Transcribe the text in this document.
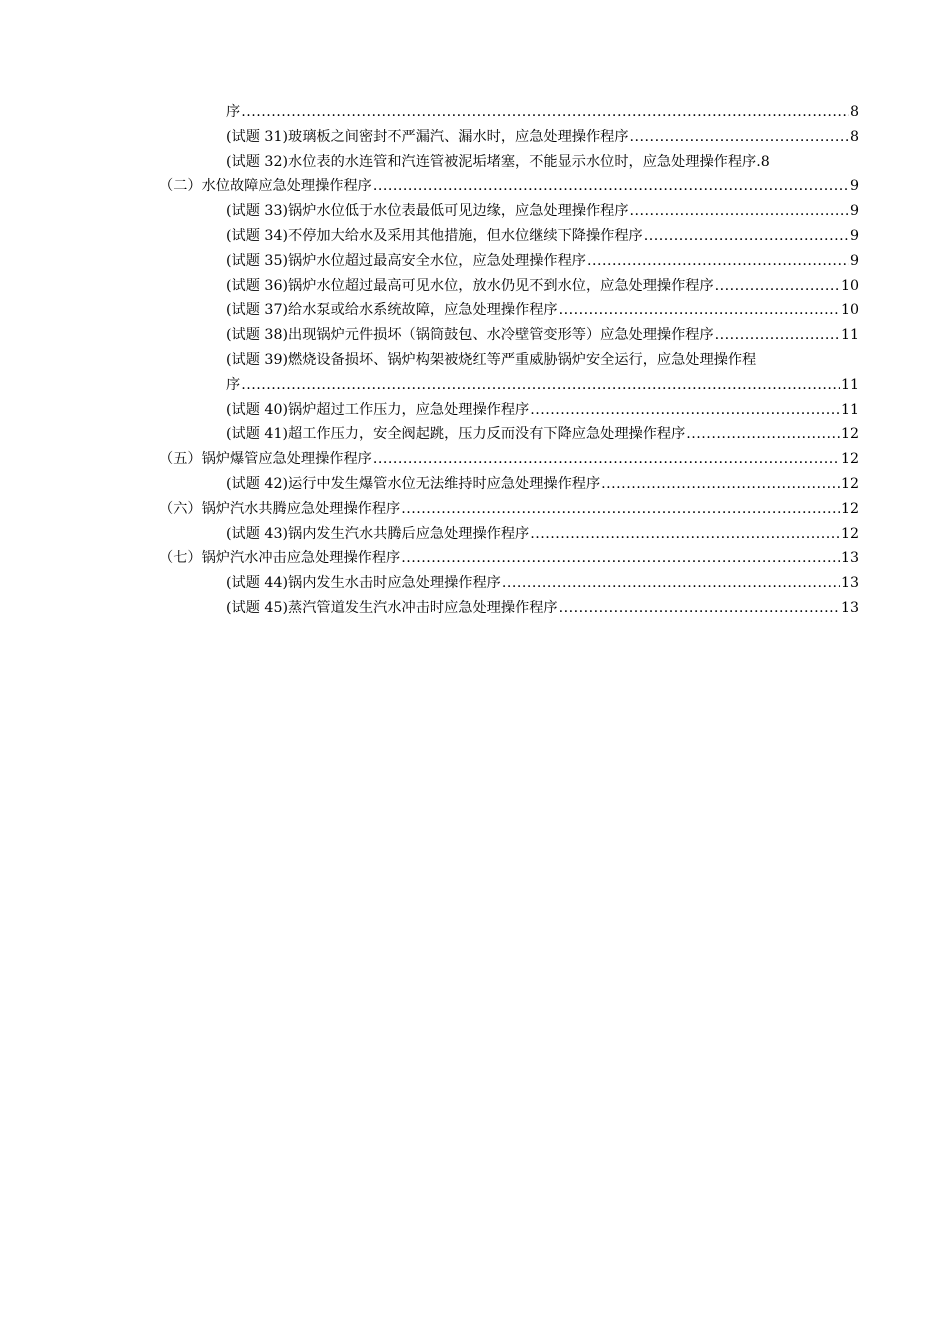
序 .....	8
(试题 31)玻璃板之间密封不严漏汽、漏水时，应急处理操作程序 .....	8
(试题 32)水位表的水连管和汽连管被泥垢堵塞，不能显示水位时，应急处理操作程序. 8
（二）水位故障应急处理操作程序 .....	9
(试题 33)锅炉水位低于水位表最低可见边缘，应急处理操作程序 .....	9
(试题 34)不停加大给水及采用其他措施，但水位继续下降操作程序 .....	9
(试题 35)锅炉水位超过最高安全水位，应急处理操作程序 .....	9
(试题 36)锅炉水位超过最高可见水位，放水仍见不到水位，应急处理操作程序 .....	10
(试题 37)给水泵或给水系统故障，应急处理操作程序 .....	10
(试题 38)出现锅炉元件损坏（锅筒鼓包、水冷壁管变形等）应急处理操作程序 .....	11
(试题 39)燃烧设备损坏、锅炉构架被烧红等严重威胁锅炉安全运行，应急处理操作程
序 .....	11
(试题 40)锅炉超过工作压力，应急处理操作程序 .....	11
(试题 41)超工作压力，安全阀起跳，压力反而没有下降应急处理操作程序 .....	12
（五）锅炉爆管应急处理操作程序 .....	12
(试题 42)运行中发生爆管水位无法维持时应急处理操作程序 .....	12
（六）锅炉汽水共腾应急处理操作程序 .....	12
(试题 43)锅内发生汽水共腾后应急处理操作程序 .....	12
（七）锅炉汽水冲击应急处理操作程序 .....	13
(试题 44)锅内发生水击时应急处理操作程序 .....	13
(试题 45)蒸汽管道发生汽水冲击时应急处理操作程序 .....	13
